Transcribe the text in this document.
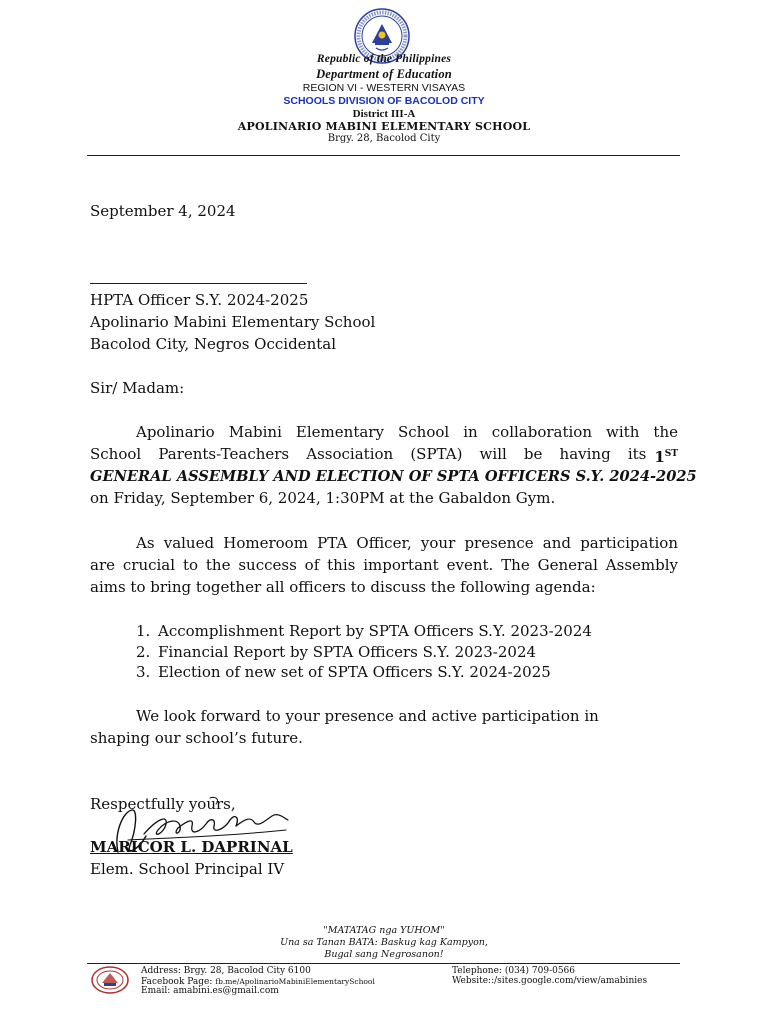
Republic of the Philippines
Department of Education
REGION VI - WESTERN VISAYAS
SCHOOLS DIVISION OF BACOLOD CITY
District III-A
APOLINARIO MABINI ELEMENTARY SCHOOL
Brgy. 28, Bacolod City
September 4, 2024
HPTA Officer S.Y. 2024-2025
Apolinario Mabini Elementary School
Bacolod City, Negros Occidental
Sir/ Madam:
Apolinario Mabini Elementary School in collaboration with the
School Parents-Teachers Association (SPTA) will be having its 1ST
GENERAL ASSEMBLY AND ELECTION OF SPTA OFFICERS S.Y. 2024-2025
on Friday, September 6, 2024, 1:30PM at the Gabaldon Gym.
As valued Homeroom PTA Officer, your presence and participation
are crucial to the success of this important event. The General Assembly
aims to bring together all officers to discuss the following agenda:
1. Accomplishment Report by SPTA Officers S.Y. 2023-2024
2. Financial Report by SPTA Officers S.Y. 2023-2024
3. Election of new set of SPTA Officers S.Y. 2024-2025
We look forward to your presence and active participation in
shaping our school’s future.
Respectfully yours,
MARICOR L. DAPRINAL
Elem. School Principal IV
"MATATAG nga YUHOM"
Una sa Tanan BATA: Baskug kag Kampyon,
Bugal sang Negrosanon!
Address: Brgy. 28, Bacolod City 6100
Facebook Page: fb.me/ApolinarioMabiniElementarySchool
Email: amabini.es@gmail.com
Telephone: (034) 709-0566
Website::/sites.google.com/view/amabinies
